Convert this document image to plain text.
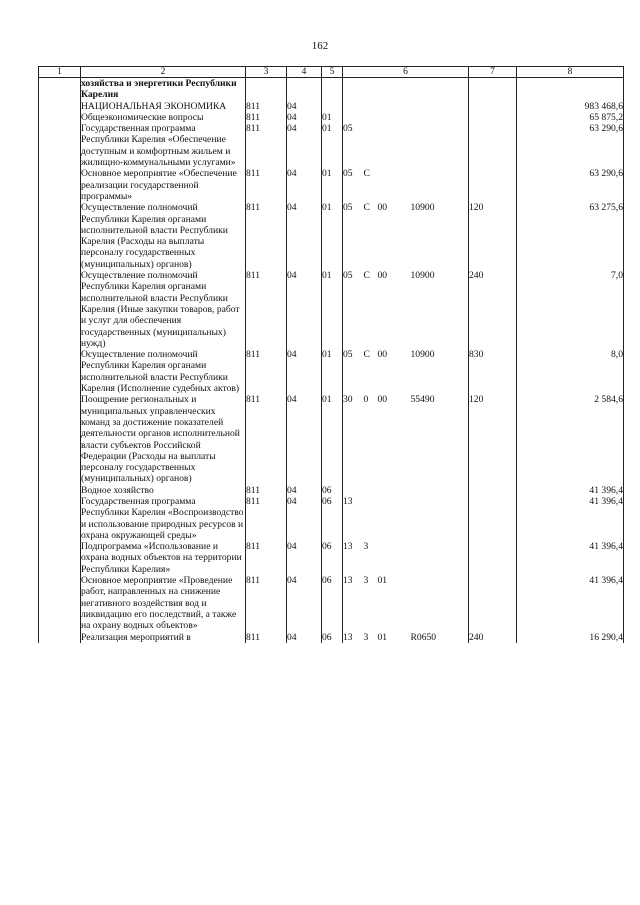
162
1	2	3	4	5	6				7	8
	хозяйства и энергетики Республики Карелия									
	НАЦИОНАЛЬНАЯ ЭКОНОМИКА	811	04							983 468,6
	Общеэкономические вопросы	811	04	01						65 875,2
	Государственная программа Республики Карелия «Обеспечение доступным и комфортным жильем и жилищно-коммунальными услугами»	811	04	01	05					63 290,6
	Основное мероприятие «Обеспечение реализации государственной программы»	811	04	01	05	С				63 290,6
	Осуществление полномочий Республики Карелия органами исполнительной власти Республики Карелия (Расходы на выплаты персоналу государственных (муниципальных) органов)	811	04	01	05	С	00	10900	120	63 275,6
	Осуществление полномочий Республики Карелия органами исполнительной власти Республики Карелия (Иные закупки товаров, работ и услуг для обеспечения государственных (муниципальных) нужд)	811	04	01	05	С	00	10900	240	7,0
	Осуществление полномочий Республики Карелия органами исполнительной власти Республики Карелия (Исполнение судебных актов)	811	04	01	05	С	00	10900	830	8,0
	Поощрение региональных и муниципальных управленческих команд за достижение показателей деятельности органов исполнительной власти субъектов Российской Федерации (Расходы на выплаты персоналу государственных (муниципальных) органов)	811	04	01	30	0	00	55490	120	2 584,6
	Водное хозяйство	811	04	06						41 396,4
	Государственная программа Республики Карелия «Воспроизводство и использование природных ресурсов и охрана окружающей среды»	811	04	06	13					41 396,4
	Подпрограмма «Использование и охрана водных объектов на территории Республики Карелия»	811	04	06	13	3				41 396,4
	Основное мероприятие «Проведение работ, направленных на снижение негативного воздействия вод и ликвидацию его последствий, а также на охрану водных объектов»	811	04	06	13	3	01			41 396,4
	Реализация мероприятий в	811	04	06	13	3	01	R0650	240	16 290,4
